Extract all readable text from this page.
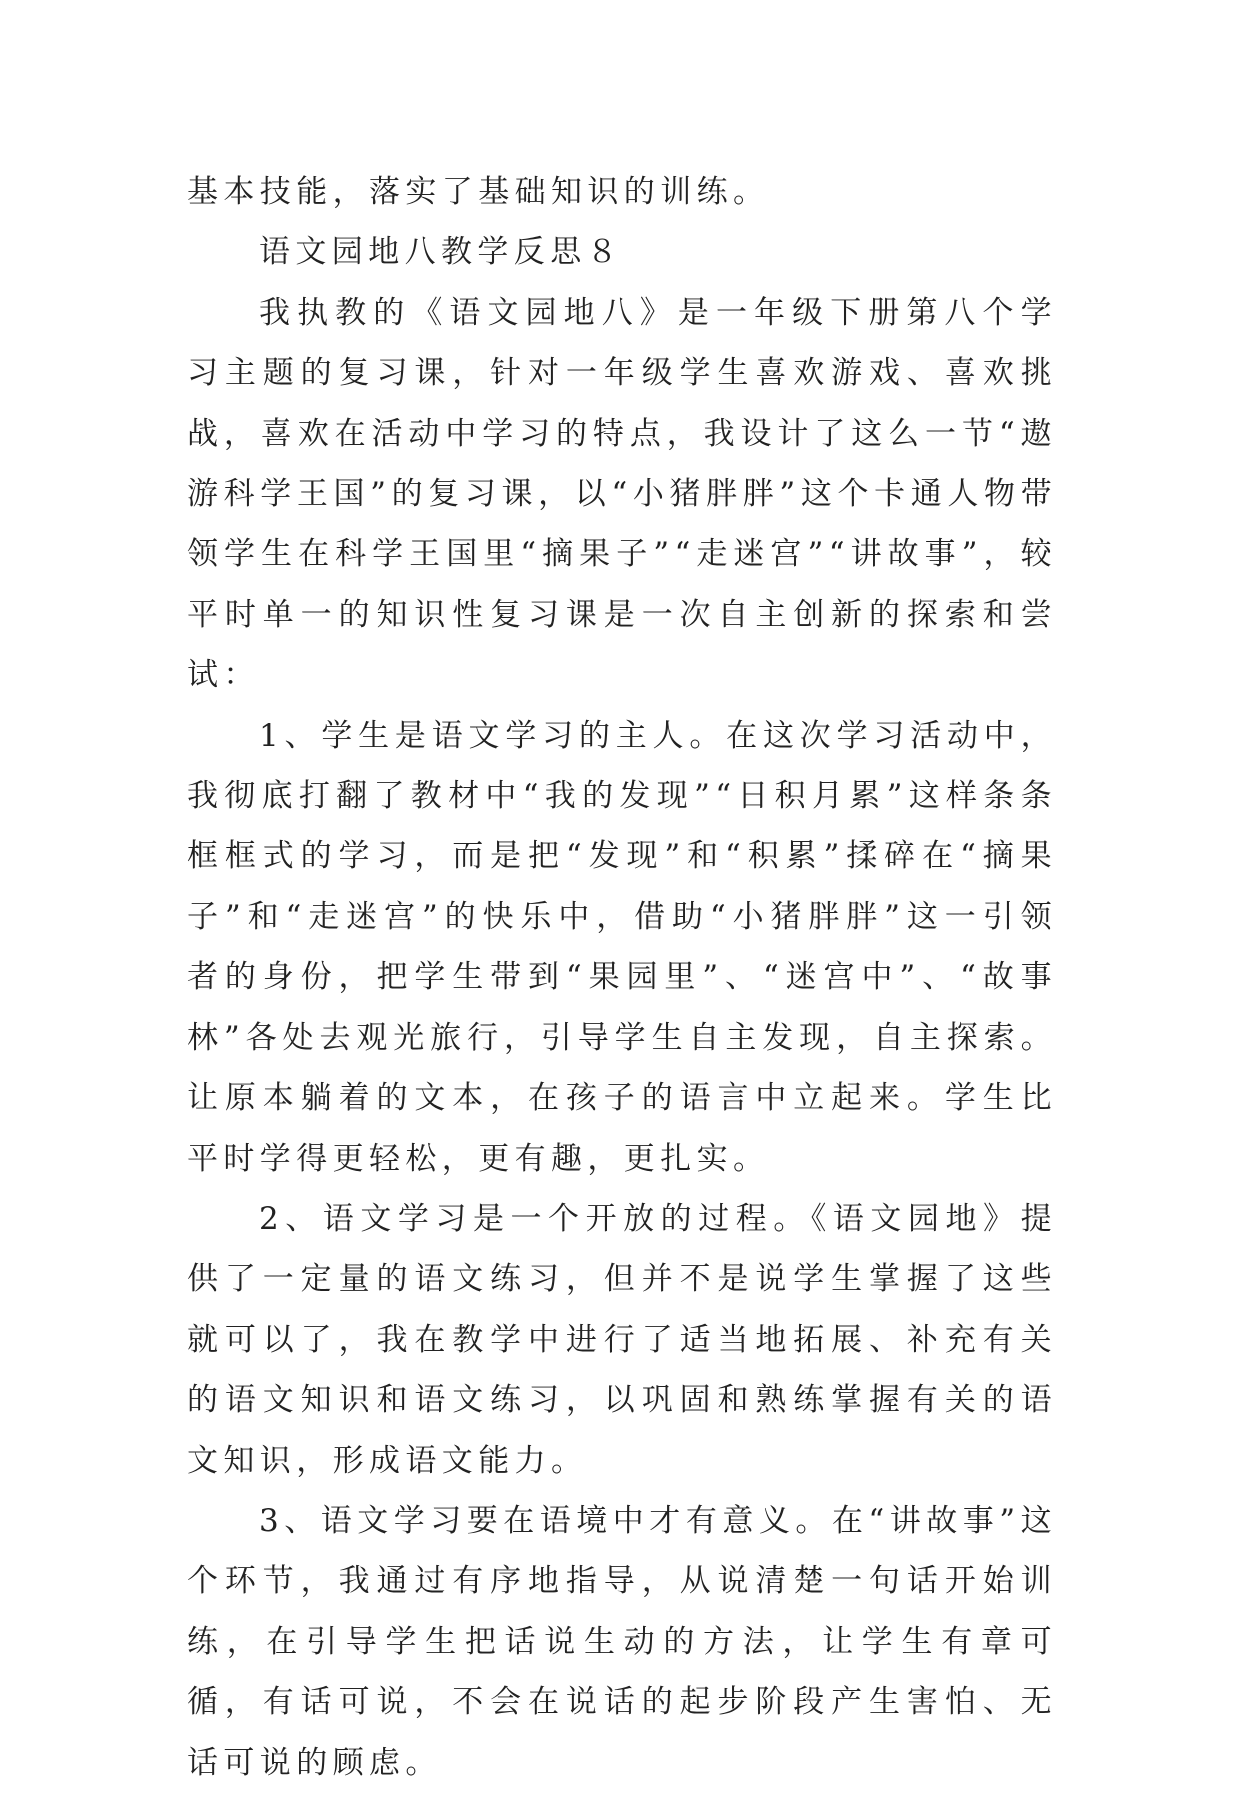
基本技能，落实了基础知识的训练。

语文园地八教学反思８

我执教的《语文园地八》是一年级下册第八个学习主题的复习课，针对一年级学生喜欢游戏、喜欢挑战，喜欢在活动中学习的特点，我设计了这么一节“遨游科学王国”的复习课，以“小猪胖胖”这个卡通人物带领学生在科学王国里“摘果子”“走迷宫”“讲故事”，较平时单一的知识性复习课是一次自主创新的探索和尝试：

1、学生是语文学习的主人。在这次学习活动中，我彻底打翻了教材中“我的发现”“日积月累”这样条条框框式的学习，而是把“发现”和“积累”揉碎在“摘果子”和“走迷宫”的快乐中，借助“小猪胖胖”这一引领者的身份，把学生带到“果园里”、“迷宫中”、“故事林”各处去观光旅行，引导学生自主发现，自主探索。让原本躺着的文本，在孩子的语言中立起来。学生比平时学得更轻松，更有趣，更扎实。

2、语文学习是一个开放的过程。《语文园地》提供了一定量的语文练习，但并不是说学生掌握了这些就可以了，我在教学中进行了适当地拓展、补充有关的语文知识和语文练习，以巩固和熟练掌握有关的语文知识，形成语文能力。

3、语文学习要在语境中才有意义。在“讲故事”这个环节，我通过有序地指导，从说清楚一句话开始训练，在引导学生把话说生动的方法，让学生有章可循，有话可说，不会在说话的起步阶段产生害怕、无话可说的顾虑。
